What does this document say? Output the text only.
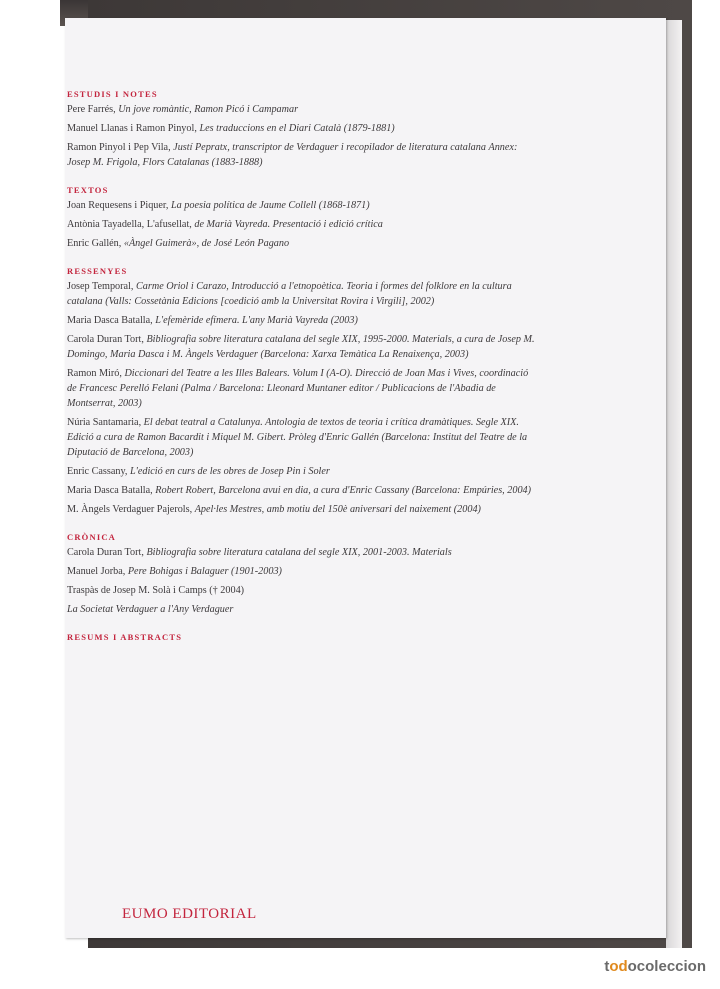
ESTUDIS I NOTES
Pere Farrés, Un jove romàntic, Ramon Picó i Campamar
Manuel Llanas i Ramon Pinyol, Les traduccions en el Diari Català (1879-1881)
Ramon Pinyol i Pep Vila, Justí Pepratx, transcriptor de Verdaguer i recopilador de literatura catalana Annex: Josep M. Frigola, Flors Catalanas (1883-1888)
TEXTOS
Joan Requesens i Piquer, La poesia política de Jaume Collell (1868-1871)
Antònia Tayadella, L'afusellat, de Marià Vayreda. Presentació i edició crítica
Enric Gallén, «Àngel Guimerà», de José León Pagano
RESSENYES
Josep Temporal, Carme Oriol i Carazo, Introducció a l'etnopoètica. Teoria i formes del folklore en la cultura catalana (Valls: Cossetània Edicions [coedició amb la Universitat Rovira i Virgili], 2002)
Maria Dasca Batalla, L'efemèride efímera. L'any Marià Vayreda (2003)
Carola Duran Tort, Bibliografia sobre literatura catalana del segle XIX, 1995-2000. Materials, a cura de Josep M. Domingo, Maria Dasca i M. Àngels Verdaguer (Barcelona: Xarxa Temàtica La Renaixença, 2003)
Ramon Miró, Diccionari del Teatre a les Illes Balears. Volum I (A-O). Direcció de Joan Mas i Vives, coordinació de Francesc Perelló Felani (Palma / Barcelona: Lleonard Muntaner editor / Publicacions de l'Abadia de Montserrat, 2003)
Núria Santamaria, El debat teatral a Catalunya. Antologia de textos de teoria i crítica dramàtiques. Segle XIX. Edició a cura de Ramon Bacardit i Miquel M. Gibert. Pròleg d'Enric Gallén (Barcelona: Institut del Teatre de la Diputació de Barcelona, 2003)
Enric Cassany, L'edició en curs de les obres de Josep Pin i Soler
Maria Dasca Batalla, Robert Robert, Barcelona avui en dia, a cura d'Enric Cassany (Barcelona: Empúries, 2004)
M. Àngels Verdaguer Pajerols, Apel·les Mestres, amb motiu del 150è aniversari del naixement (2004)
CRÒNICA
Carola Duran Tort, Bibliografia sobre literatura catalana del segle XIX, 2001-2003. Materials
Manuel Jorba, Pere Bohigas i Balaguer (1901-2003)
Traspàs de Josep M. Solà i Camps († 2004)
La Societat Verdaguer a l'Any Verdaguer
RESUMS I ABSTRACTS
EUMO EDITORIAL
todocoleccion
